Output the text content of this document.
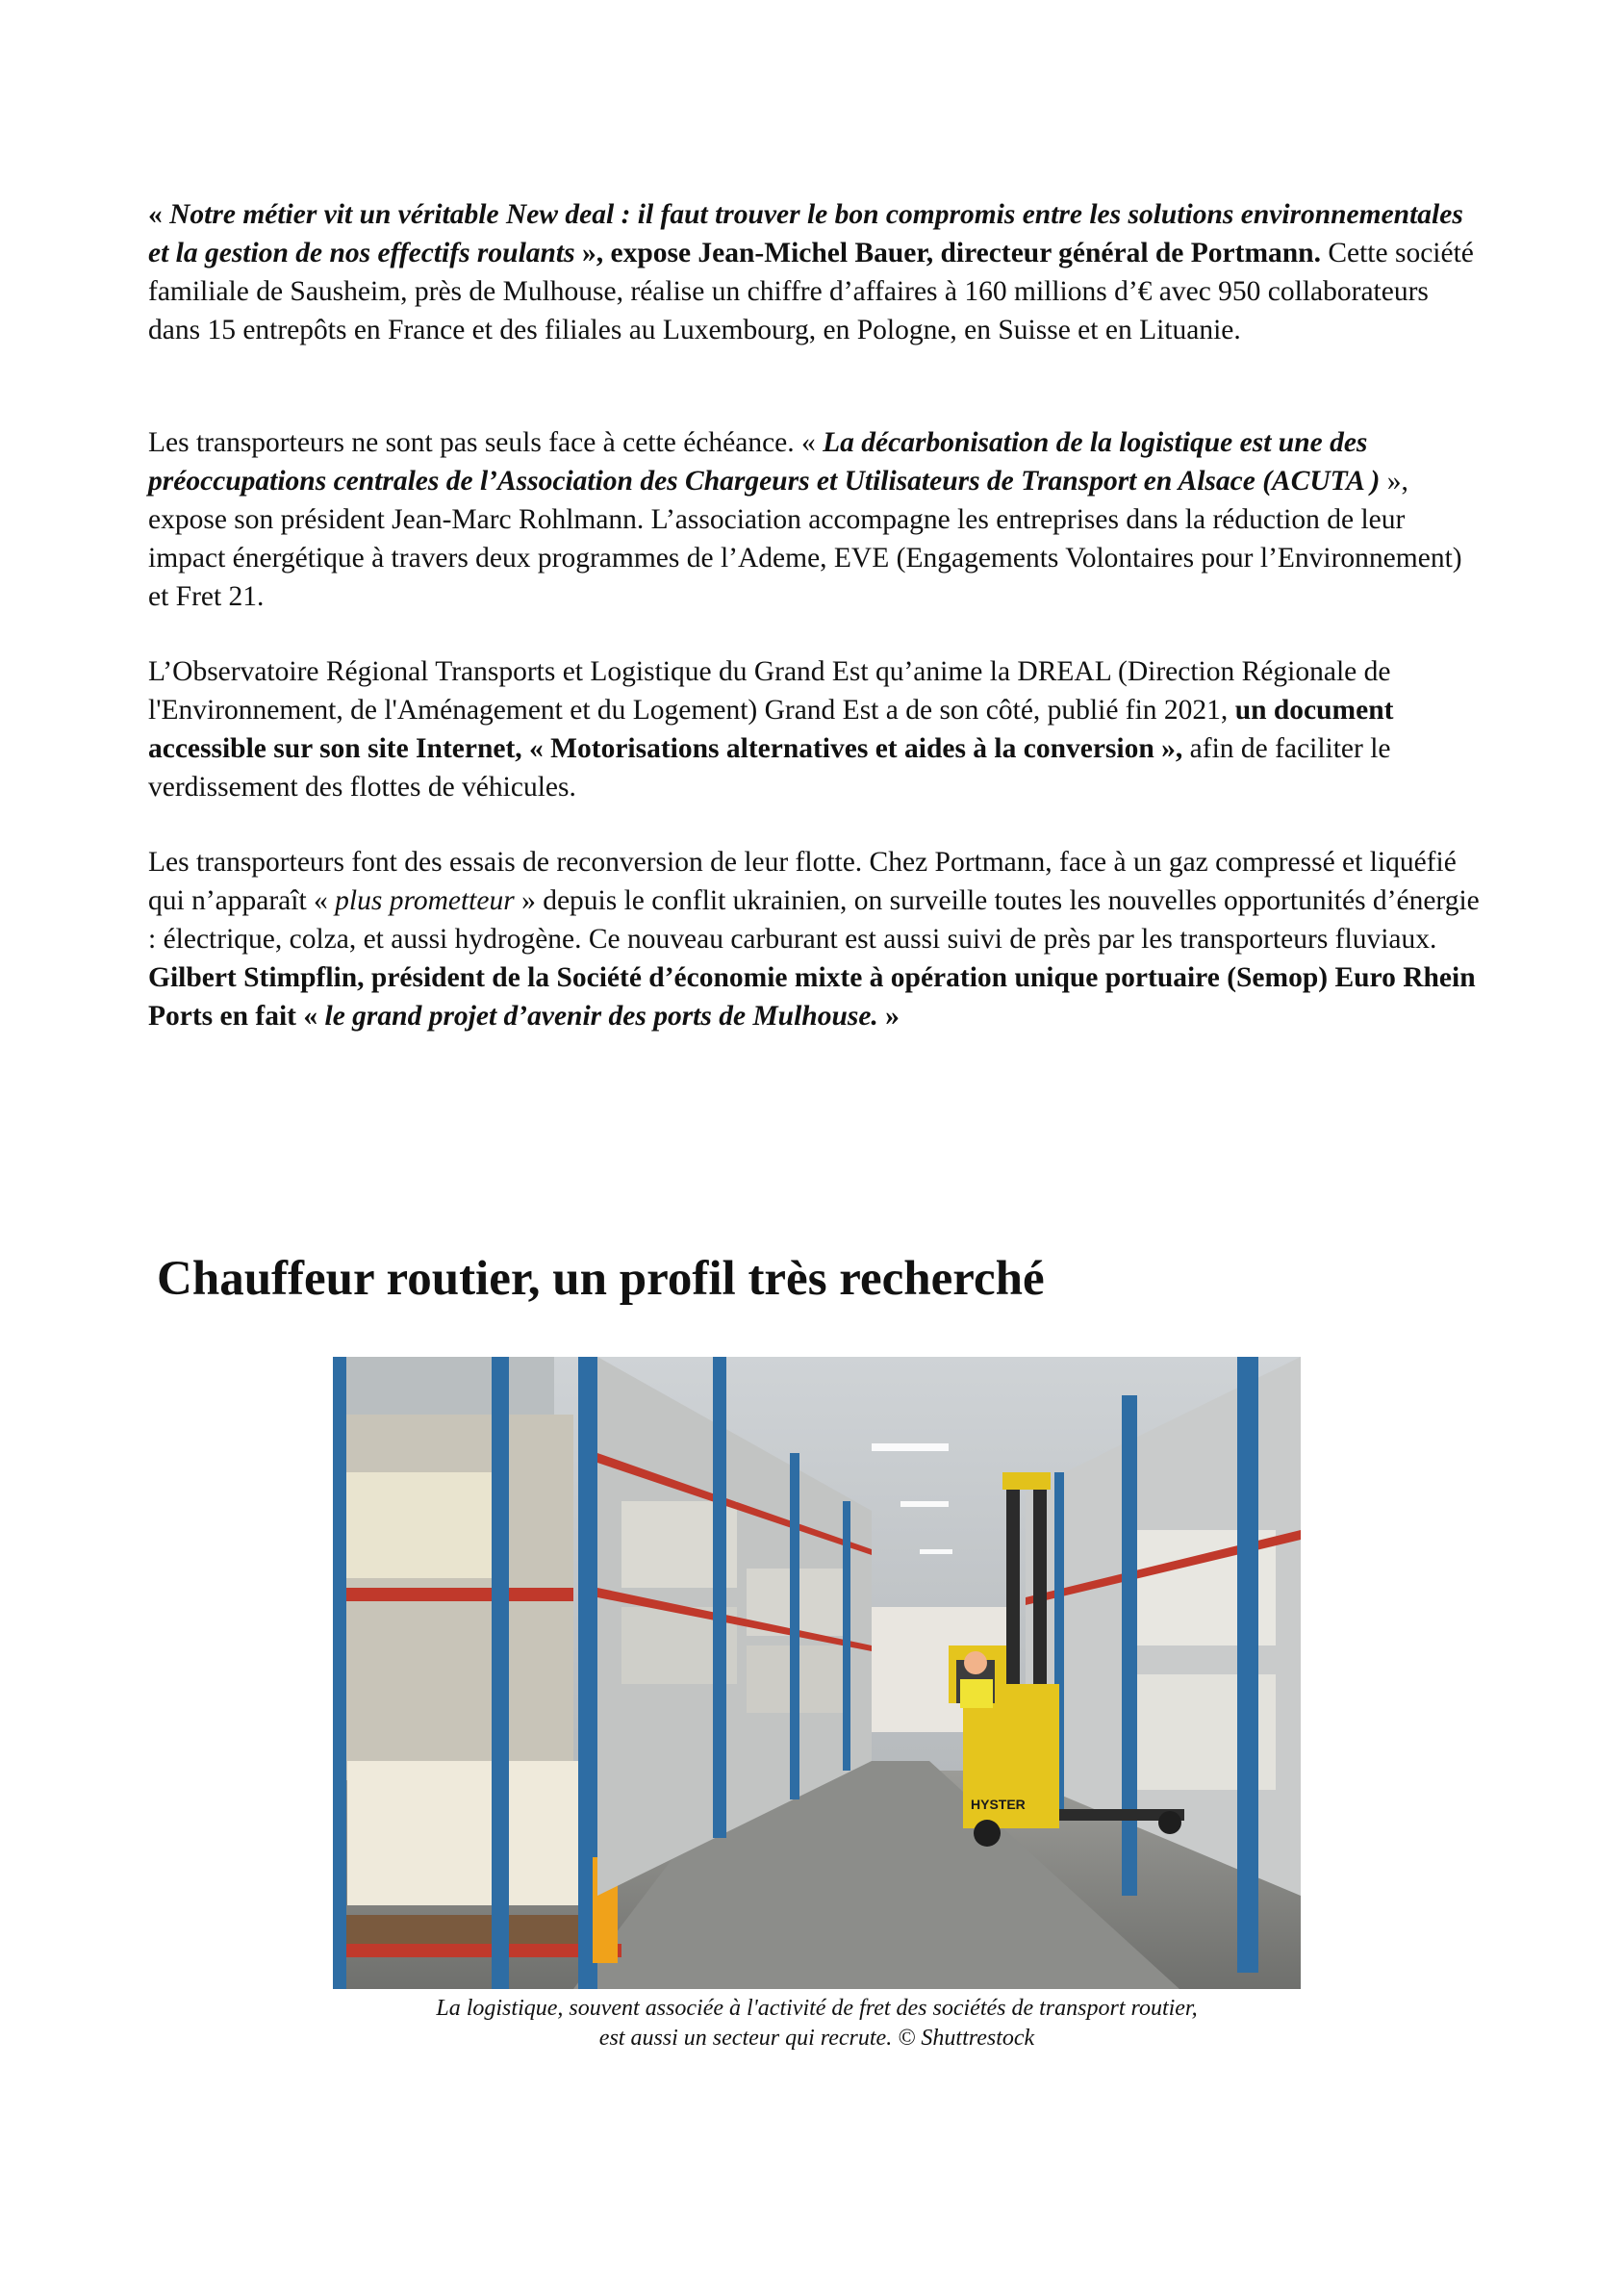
« Notre métier vit un véritable New deal : il faut trouver le bon compromis entre les solutions environnementales et la gestion de nos effectifs roulants », expose Jean-Michel Bauer, directeur général de Portmann. Cette société familiale de Sausheim, près de Mulhouse, réalise un chiffre d’affaires à 160 millions d’€ avec 950 collaborateurs dans 15 entrepôts en France et des filiales au Luxembourg, en Pologne, en Suisse et en Lituanie.

Les transporteurs ne sont pas seuls face à cette échéance. « La décarbonisation de la logistique est une des préoccupations centrales de l’Association des Chargeurs et Utilisateurs de Transport en Alsace (ACUTA ) », expose son président Jean-Marc Rohlmann. L’association accompagne les entreprises dans la réduction de leur impact énergétique à travers deux programmes de l’Ademe, EVE (Engagements Volontaires pour l’Environnement) et Fret 21.

L’Observatoire Régional Transports et Logistique du Grand Est qu’anime la DREAL (Direction Régionale de l'Environnement, de l'Aménagement et du Logement) Grand Est a de son côté, publié fin 2021, un document accessible sur son site Internet, « Motorisations alternatives et aides à la conversion », afin de faciliter le verdissement des flottes de véhicules.

Les transporteurs font des essais de reconversion de leur flotte. Chez Portmann, face à un gaz compressé et liquéfié qui n’apparaît « plus prometteur » depuis le conflit ukrainien, on surveille toutes les nouvelles opportunités d’énergie : électrique, colza, et aussi hydrogène. Ce nouveau carburant est aussi suivi de près par les transporteurs fluviaux. Gilbert Stimpflin, président de la Société d’économie mixte à opération unique portuaire (Semop) Euro Rhein Ports en fait « le grand projet d’avenir des ports de Mulhouse. »

Chauffeur routier, un profil très recherché
HYSTER
La logistique, souvent associée à l'activité de fret des sociétés de transport routier,
est aussi un secteur qui recrute. © Shuttrestock
